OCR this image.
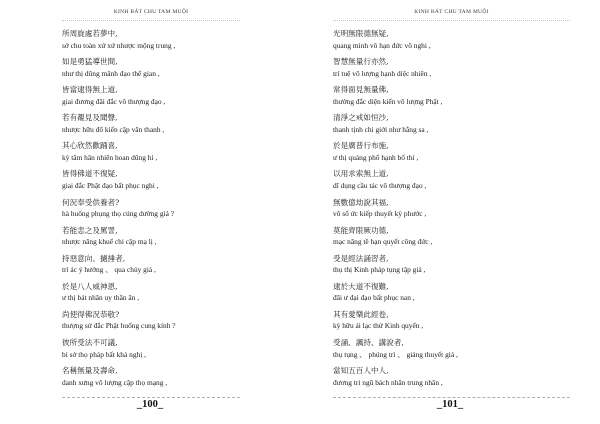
KINH BÁT CHU TAM MUỘI
所周旋處若夢中,
sở chu toàn xứ xứ nhược mộng trung ,
如是勇猛導世間,
như thị dũng mãnh đạo thế gian ,
皆當逮得無上道,
giai đương đãi đắc vô thượng đạo ,
若有覩見及聞聲,
nhược hữu đổ kiến cập văn thanh ,
其心欣然歡踊喜,
kỳ tâm hân nhiên hoan dũng hỉ ,
皆得佛道不復疑,
giai đắc Phật đạo bất phục nghi ,
何況奉受供養者?
hà huống phụng thọ cúng dường giả ?
若能恚之及罵詈,
nhược năng khuể chi cập mạ lị ,
持惡意向、撾捶者,
trì ác ý hướng 、 qua chủy giả ,
於是八人威神恩,
ư thị bát nhân uy thần ân ,
尚使得佛況恭敬?
thượng sử đắc Phật huống cung kính ?
彼所受法不可議,
bỉ sở thọ pháp bất khả nghị ,
名稱無量及壽命,
danh xưng vô lượng cập thọ mạng ,
_100_
KINH BÁT CHU TAM MUỘI
光明無限德無疑,
quang minh vô hạn đức vô nghi ,
智慧無量行亦然,
trí tuệ vô lượng hạnh diệc nhiên ,
常得面見無量佛,
thường đắc diện kiến vô lượng Phật ,
清淨之戒如恒沙,
thanh tịnh chi giới như hằng sa ,
於是廣普行布施,
ư thị quảng phổ hạnh bố thí ,
以用求索無上道,
dĩ dụng cầu tác vô thượng đạo ,
無數億劫說其福,
vô số ức kiếp thuyết kỳ phước ,
莫能齊限厥功德,
mạc năng tề hạn quyết công đức ,
受是經法誦習者,
thụ thị Kinh pháp tụng tập giả ,
逮於大道不復難,
đãi ư đại đạo bất phục nan ,
其有愛樂此經卷,
kỳ hữu ái lạc thử Kinh quyển ,
受誦、諷持、講說者,
thụ tụng 、 phúng trì 、 giảng thuyết giả ,
當知五百人中人,
đương tri ngũ bách nhân trung nhân ,
_101_
